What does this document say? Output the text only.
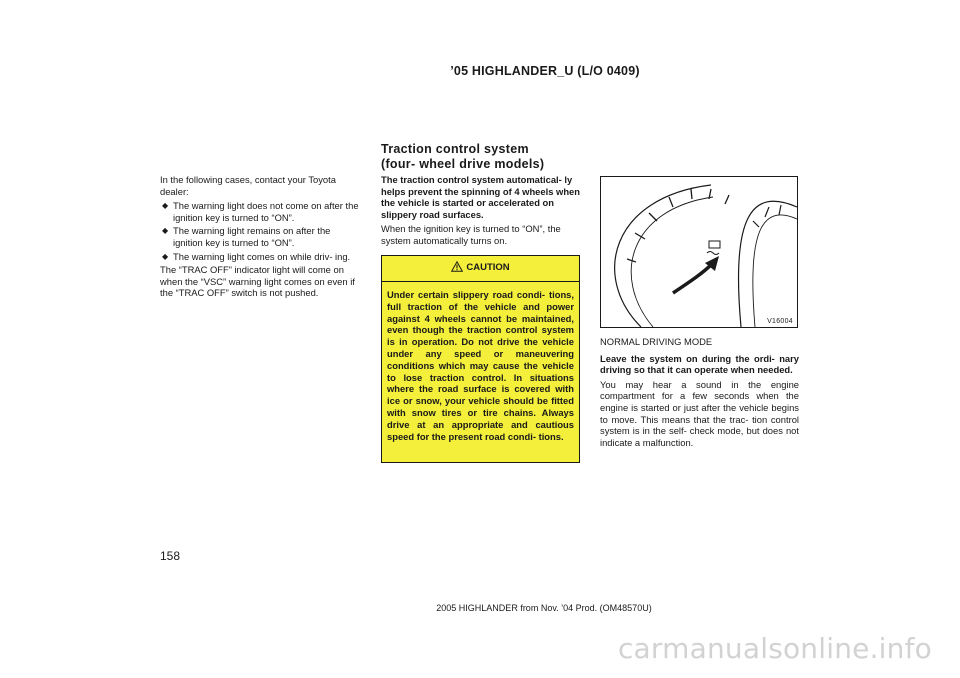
’05 HIGHLANDER_U (L/O 0409)
Traction control system
(four- wheel drive models)

In the following cases, contact your Toyota dealer:

◆ The warning light does not come on after the ignition key is turned to “ON”.
◆ The warning light remains on after the ignition key is turned to “ON”.
◆ The warning light comes on while driv- ing.

The “TRAC OFF” indicator light will come on when the “VSC” warning light comes on even if the “TRAC OFF” switch is not pushed.

The traction control system automatical- ly helps prevent the spinning of 4 wheels when the vehicle is started or accelerated on slippery road surfaces.

When the ignition key is turned to “ON”, the system automatically turns on.

CAUTION
Under certain slippery road condi- tions, full traction of the vehicle and power against 4 wheels cannot be maintained, even though the traction control system is in operation. Do not drive the vehicle under any speed or maneuvering conditions which may cause the vehicle to lose traction control. In situations where the road surface is covered with ice or snow, your vehicle should be fitted with snow tires or tire chains. Always drive at an appropriate and cautious speed for the present road condi- tions.
V16004

NORMAL DRIVING MODE

Leave the system on during the ordi- nary driving so that it can operate when needed.

You may hear a sound in the engine compartment for a few seconds when the engine is started or just after the vehicle begins to move. This means that the trac- tion control system is in the self- check mode, but does not indicate a malfunction.

158
2005 HIGHLANDER from Nov. ’04 Prod. (OM48570U)
carmanualsonline.info
